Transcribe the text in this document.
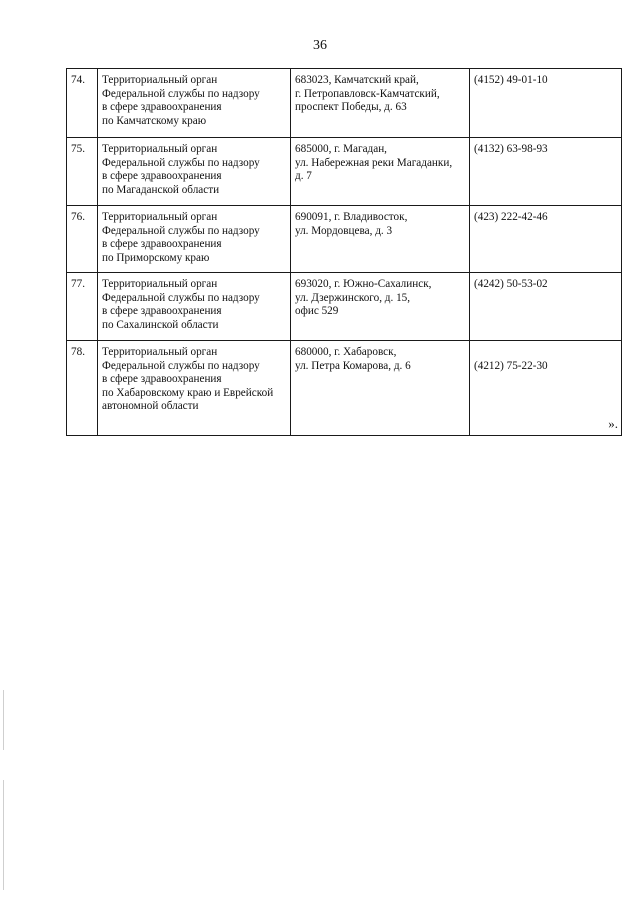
36
74.	Территориальный орган
Федеральной службы по надзору
в сфере здравоохранения
по Камчатскому краю	683023, Камчатский край,
г. Петропавловск-Камчатский,
проспект Победы, д. 63	(4152) 49-01-10
75.	Территориальный орган
Федеральной службы по надзору
в сфере здравоохранения
по Магаданской области	685000, г. Магадан,
ул. Набережная реки Магаданки,
д. 7	(4132) 63-98-93
76.	Территориальный орган
Федеральной службы по надзору
в сфере здравоохранения
по Приморскому краю	690091, г. Владивосток,
ул. Мордовцева, д. 3	(423) 222-42-46
77.	Территориальный орган
Федеральной службы по надзору
в сфере здравоохранения
по Сахалинской области	693020, г. Южно-Сахалинск,
ул. Дзержинского, д. 15,
офис 529	(4242) 50-53-02
78.	Территориальный орган
Федеральной службы по надзору
в сфере здравоохранения
по Хабаровскому краю и Еврейской
автономной области	680000, г. Хабаровск,
ул. Петра Комарова, д. 6	(4212) 75-22-30

».
